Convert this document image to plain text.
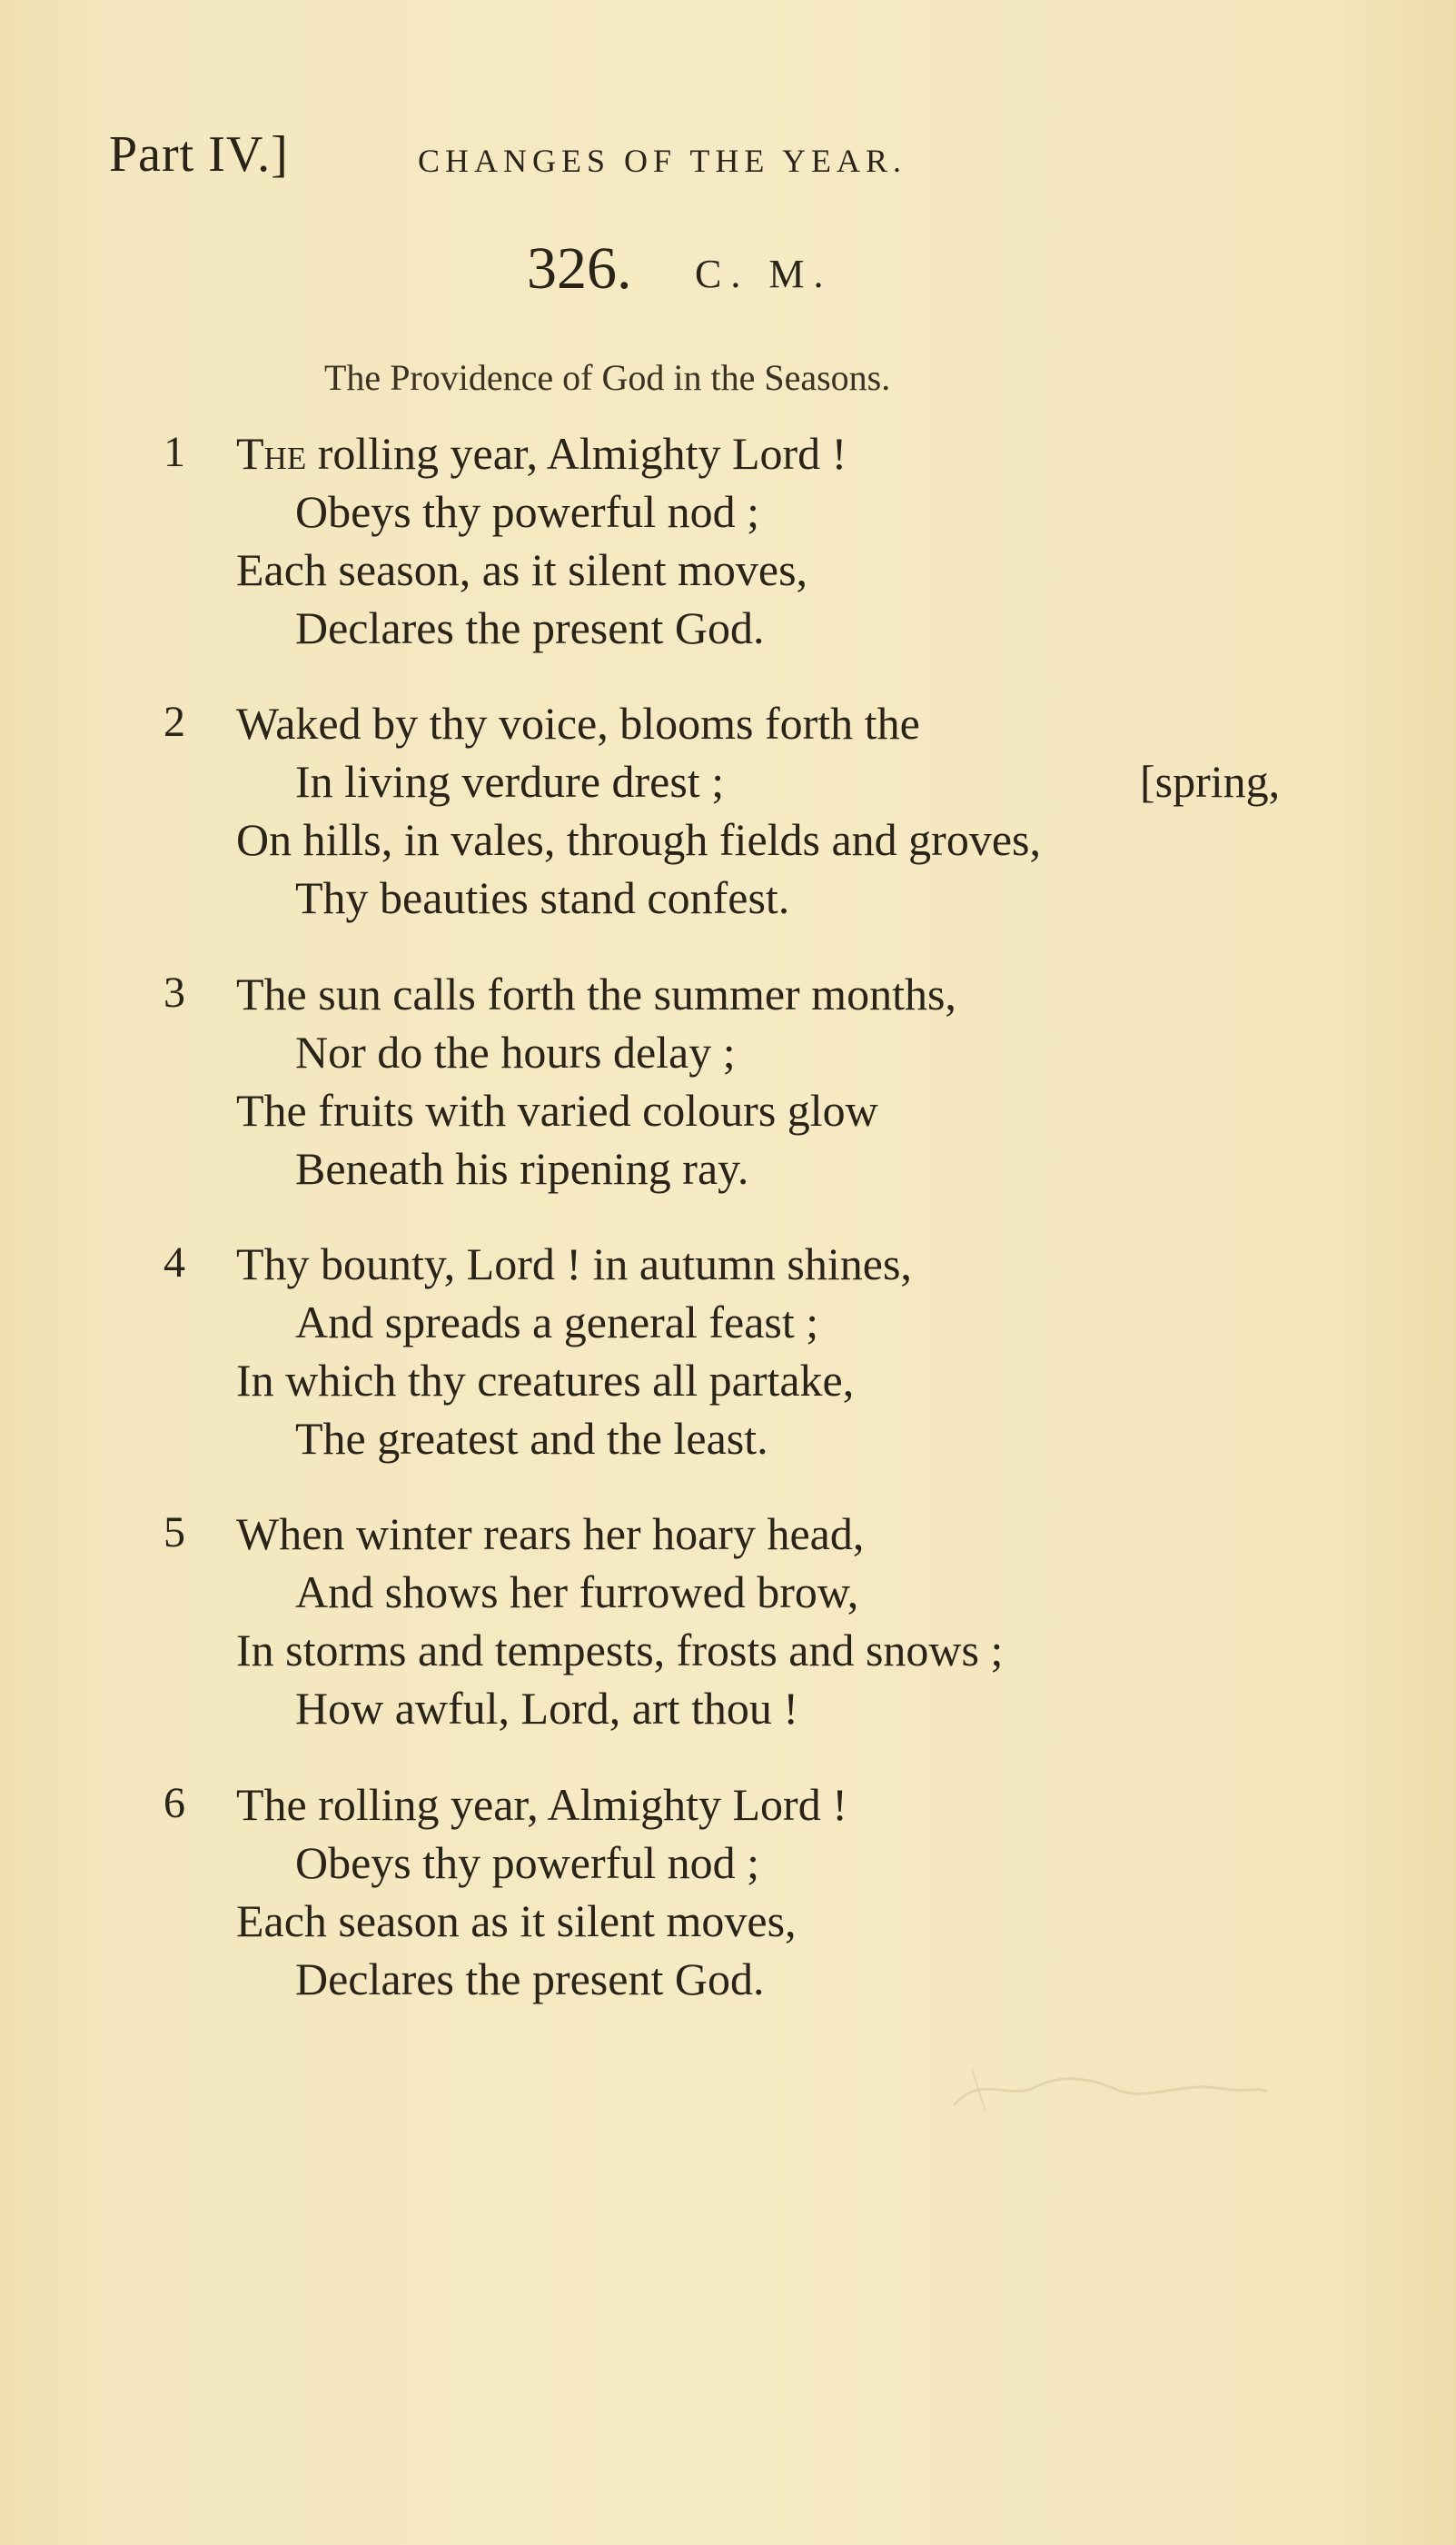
Part IV.]	CHANGES OF THE YEAR.
326. C. M.
The Providence of God in the Seasons.
1 The rolling year, Almighty Lord !
Obeys thy powerful nod ;
Each season, as it silent moves,
Declares the present God.
2 Waked by thy voice, blooms forth the
In living verdure drest ;	[spring,
On hills, in vales, through fields and groves,
Thy beauties stand confest.
3 The sun calls forth the summer months,
Nor do the hours delay ;
The fruits with varied colours glow
Beneath his ripening ray.
4 Thy bounty, Lord ! in autumn shines,
And spreads a general feast ;
In which thy creatures all partake,
The greatest and the least.
5 When winter rears her hoary head,
And shows her furrowed brow,
In storms and tempests, frosts and snows ;
How awful, Lord, art thou !
6 The rolling year, Almighty Lord !
Obeys thy powerful nod ;
Each season as it silent moves,
Declares the present God.
